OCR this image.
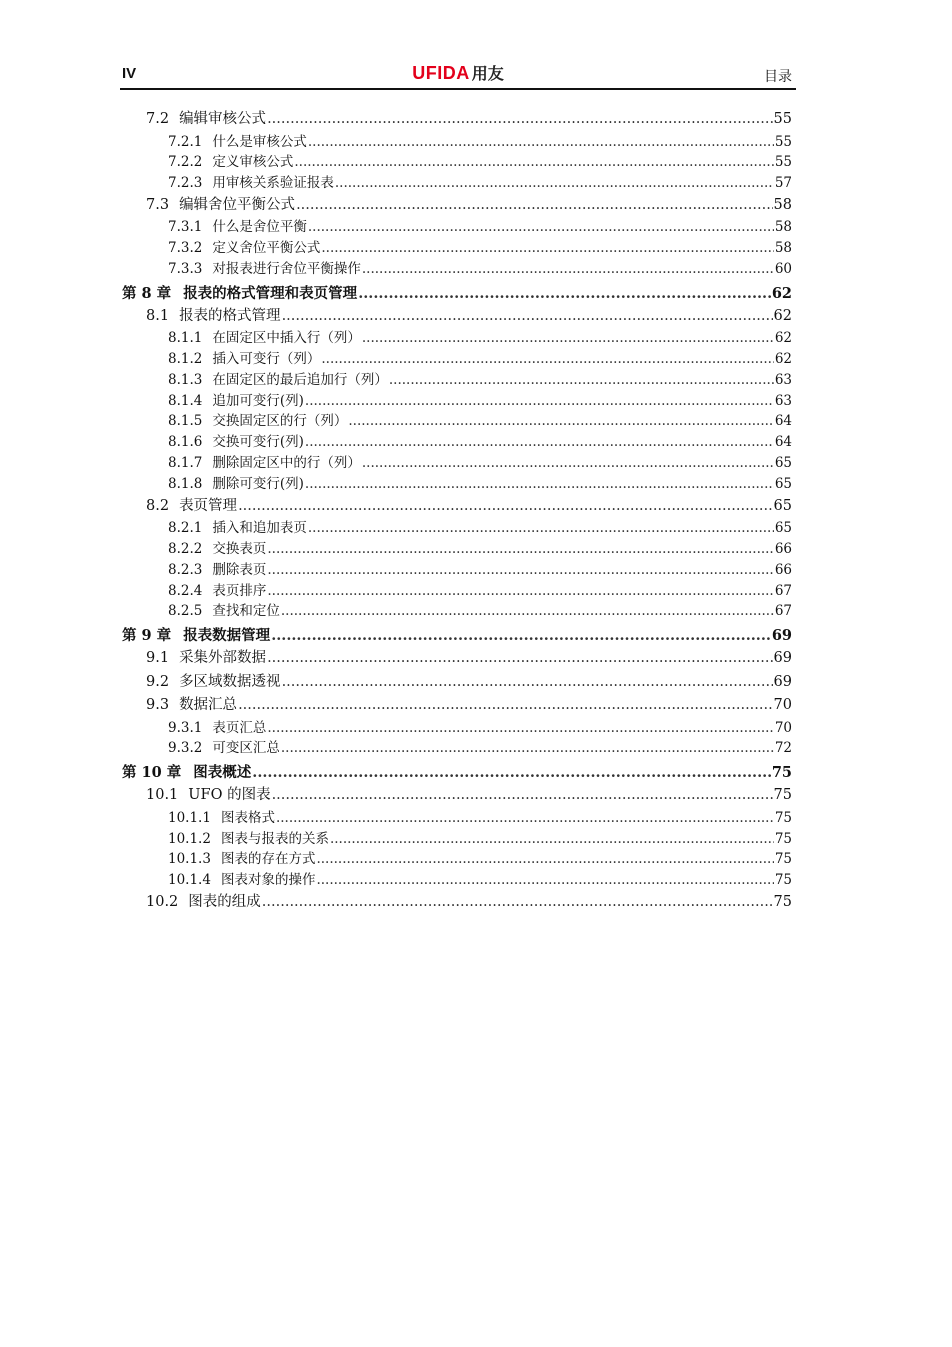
IV	UFIDA 用友	目录
7.2 编辑审核公式 .....	55
7.2.1 什么是审核公式 .....	55
7.2.2 定义审核公式 .....	55
7.2.3 用审核关系验证报表 .....	57
7.3 编辑舍位平衡公式 .....	58
7.3.1 什么是舍位平衡 .....	58
7.3.2 定义舍位平衡公式 .....	58
7.3.3 对报表进行舍位平衡操作 .....	60
第 8 章 报表的格式管理和表页管理 .....	62
8.1 报表的格式管理 .....	62
8.1.1 在固定区中插入行（列） .....	62
8.1.2 插入可变行（列） .....	62
8.1.3 在固定区的最后追加行（列） .....	63
8.1.4 追加可变行(列) .....	63
8.1.5 交换固定区的行（列） .....	64
8.1.6 交换可变行(列) .....	64
8.1.7 删除固定区中的行（列） .....	65
8.1.8 删除可变行(列) .....	65
8.2 表页管理 .....	65
8.2.1 插入和追加表页 .....	65
8.2.2 交换表页 .....	66
8.2.3 删除表页 .....	66
8.2.4 表页排序 .....	67
8.2.5 查找和定位 .....	67
第 9 章 报表数据管理 .....	69
9.1 采集外部数据 .....	69
9.2 多区域数据透视 .....	69
9.3 数据汇总 .....	70
9.3.1 表页汇总 .....	70
9.3.2 可变区汇总 .....	72
第 10 章 图表概述 .....	75
10.1 UFO 的图表 .....	75
10.1.1 图表格式 .....	75
10.1.2 图表与报表的关系 .....	75
10.1.3 图表的存在方式 .....	75
10.1.4 图表对象的操作 .....	75
10.2 图表的组成 .....	75
